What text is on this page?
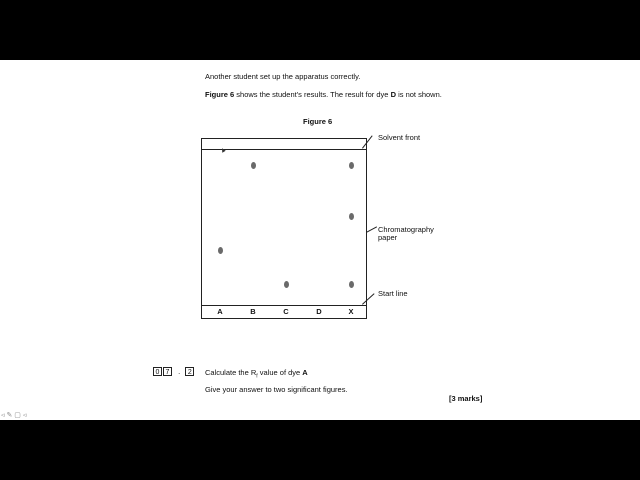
Another student set up the apparatus correctly.
Figure 6 shows the student's results. The result for dye D is not shown.
Figure 6
A	B	C	D	X
Solvent front
Chromatography
paper
Start line
0 7 . 2	Calculate the $R_f$ value of dye A
Give your answer to two significant figures.
[3 marks]
◃ ✎ ▢ ◃
